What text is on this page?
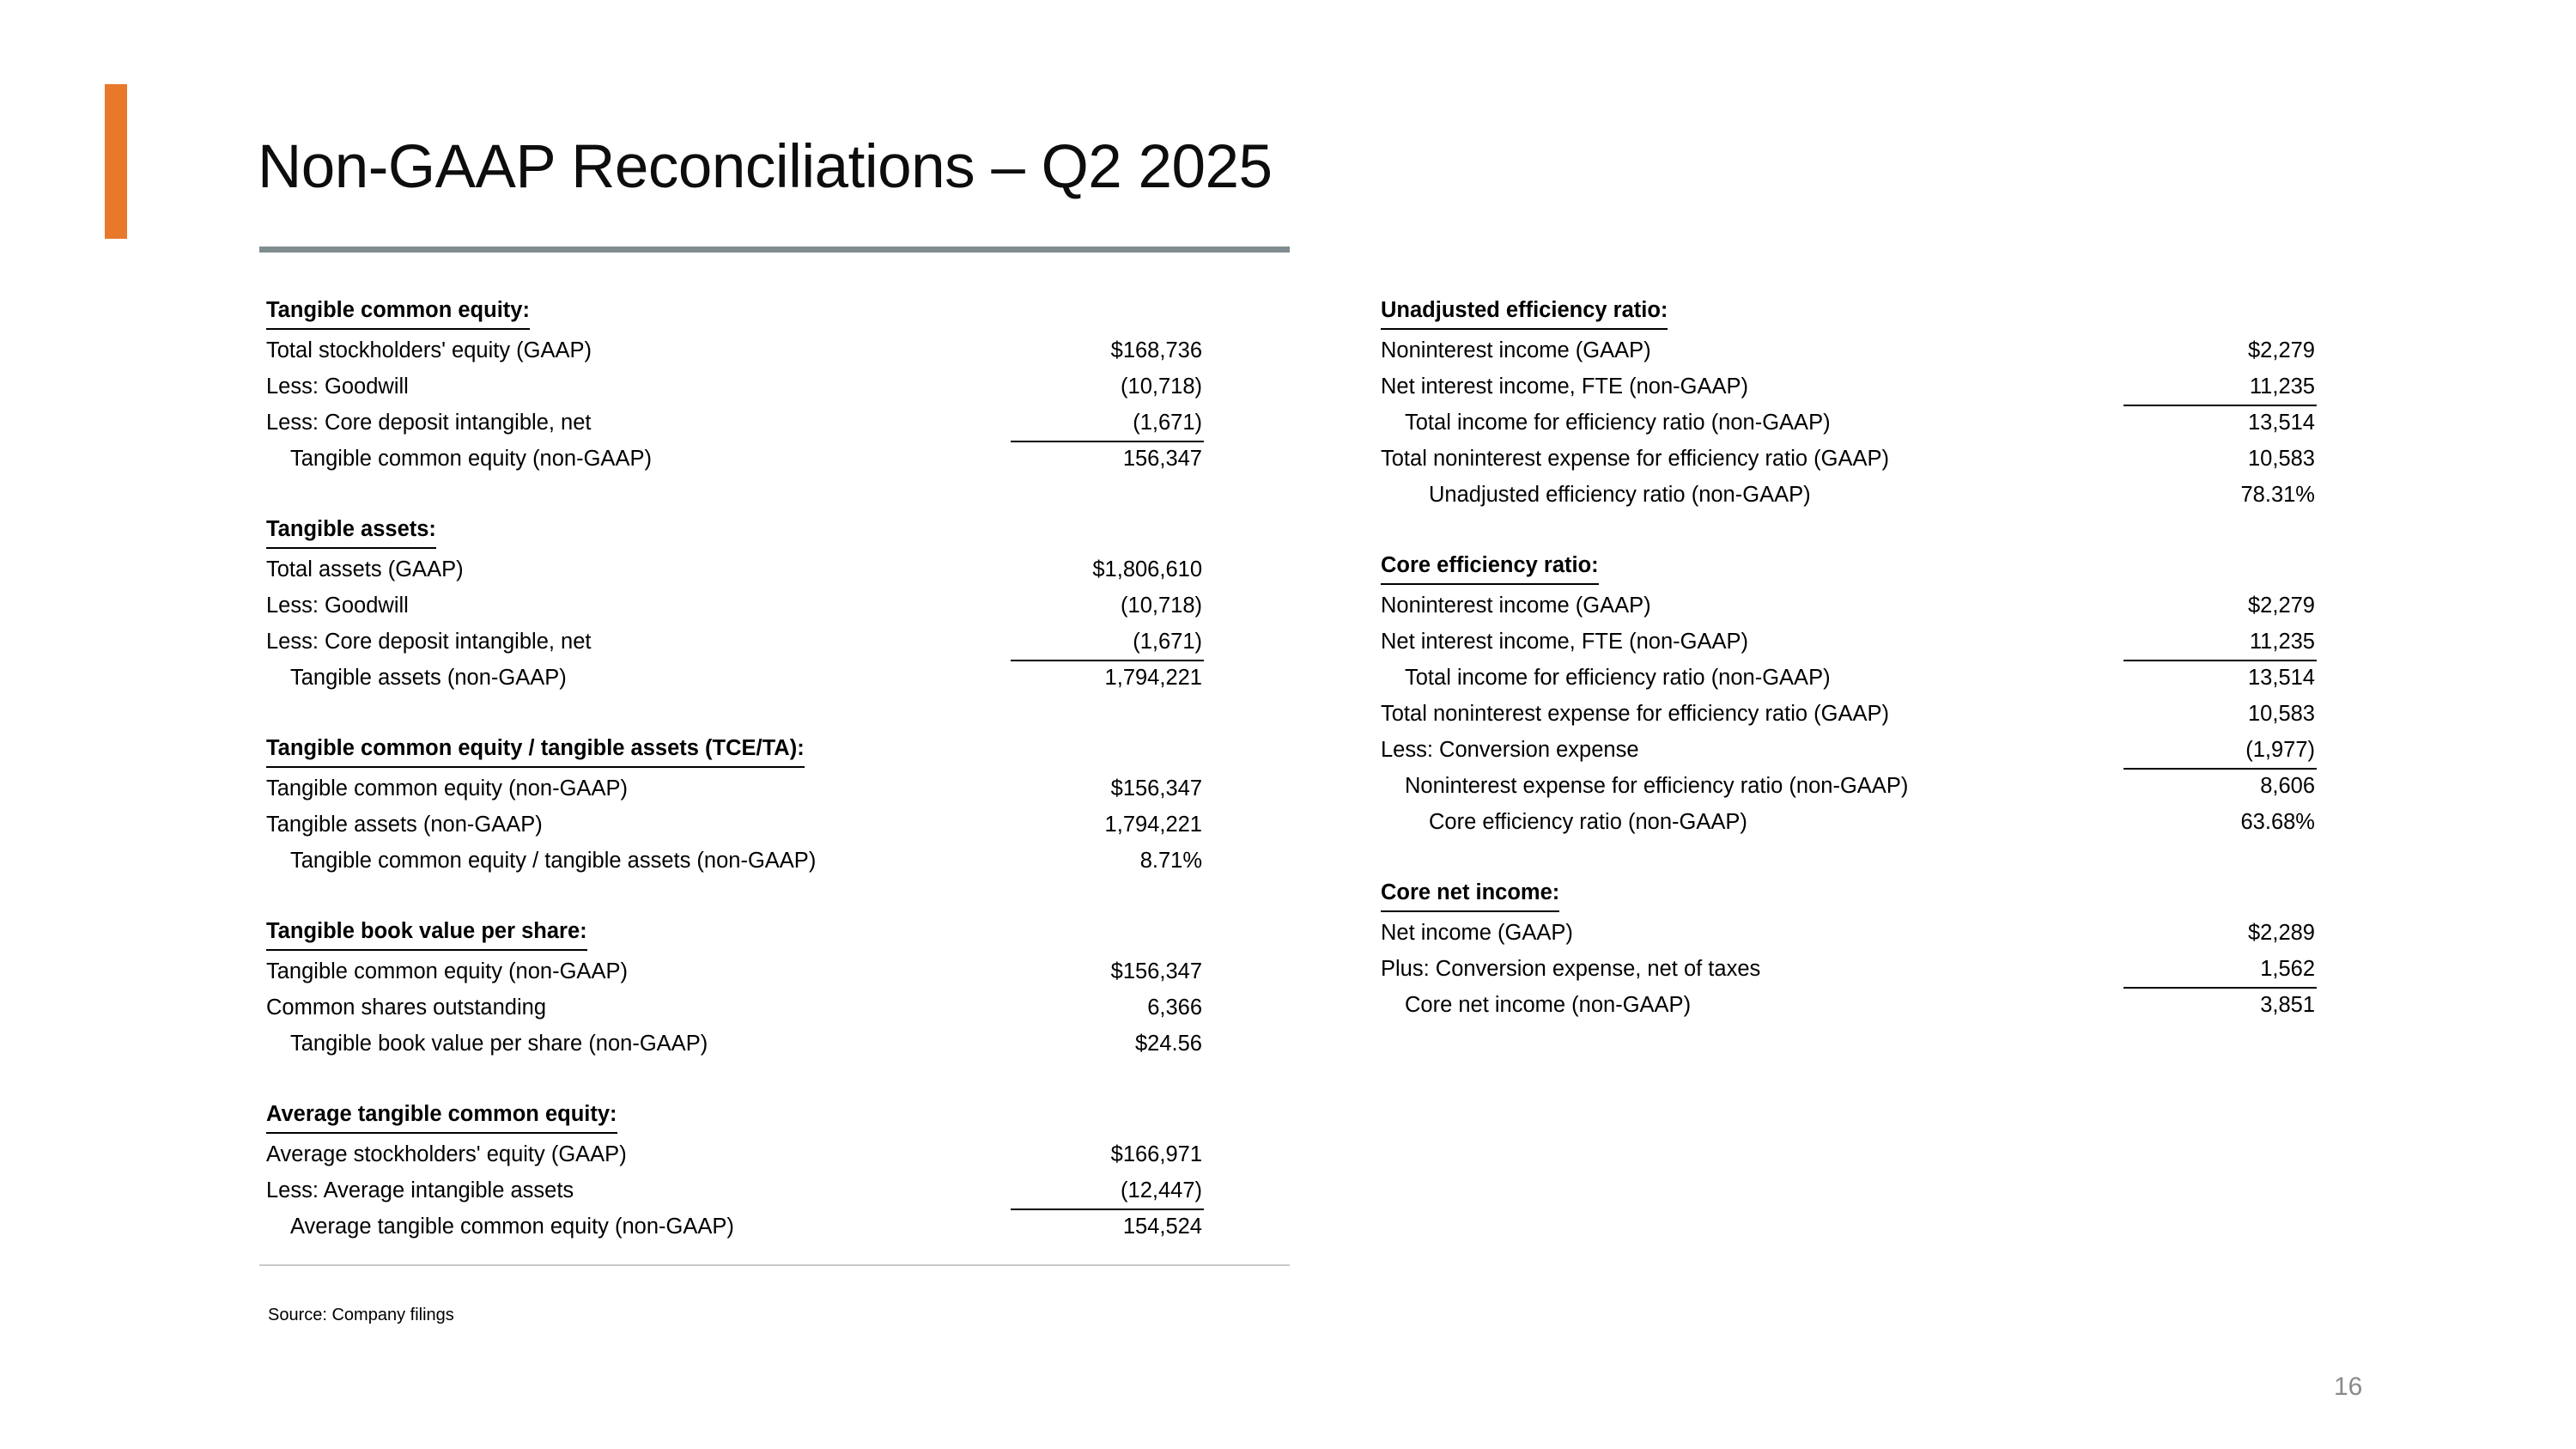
Non-GAAP Reconciliations – Q2 2025
Tangible common equity:
Total stockholders' equity (GAAP)	$168,736
Less: Goodwill	(10,718)
Less: Core deposit intangible, net	(1,671)
Tangible common equity (non-GAAP)	156,347
Tangible assets:
Total assets (GAAP)	$1,806,610
Less: Goodwill	(10,718)
Less: Core deposit intangible, net	(1,671)
Tangible assets (non-GAAP)	1,794,221
Tangible common equity / tangible assets (TCE/TA):
Tangible common equity (non-GAAP)	$156,347
Tangible assets (non-GAAP)	1,794,221
Tangible common equity / tangible assets (non-GAAP)	8.71%
Tangible book value per share:
Tangible common equity (non-GAAP)	$156,347
Common shares outstanding	6,366
Tangible book value per share (non-GAAP)	$24.56
Average tangible common equity:
Average stockholders' equity (GAAP)	$166,971
Less: Average intangible assets	(12,447)
Average tangible common equity (non-GAAP)	154,524
Unadjusted efficiency ratio:
Noninterest income (GAAP)	$2,279
Net interest income, FTE (non-GAAP)	11,235
Total income for efficiency ratio (non-GAAP)	13,514
Total noninterest expense for efficiency ratio (GAAP)	10,583
Unadjusted efficiency ratio (non-GAAP)	78.31%
Core efficiency ratio:
Noninterest income (GAAP)	$2,279
Net interest income, FTE (non-GAAP)	11,235
Total income for efficiency ratio (non-GAAP)	13,514
Total noninterest expense for efficiency ratio (GAAP)	10,583
Less: Conversion expense	(1,977)
Noninterest expense for efficiency ratio (non-GAAP)	8,606
Core efficiency ratio (non-GAAP)	63.68%
Core net income:
Net income (GAAP)	$2,289
Plus: Conversion expense, net of taxes	1,562
Core net income (non-GAAP)	3,851
Source: Company filings
16
